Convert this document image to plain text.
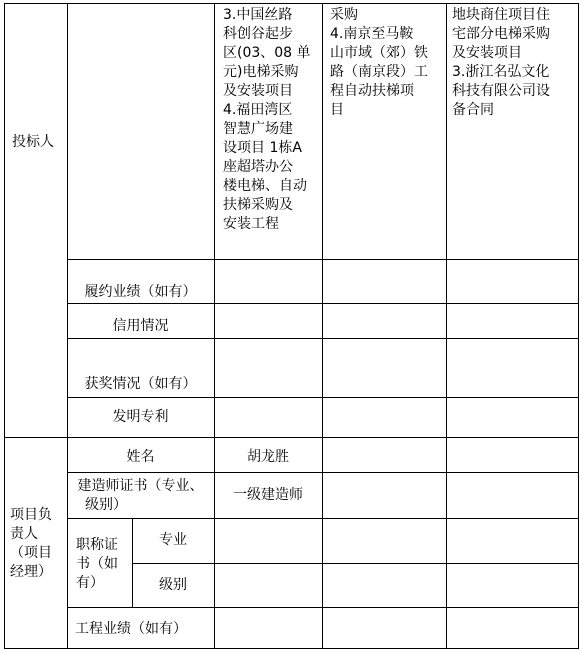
投标人
3.中国丝路
科创谷起步
区(03、08 单
元)电梯采购
及安装项目
4.福田湾区
智慧广场建
设项目 1栋A
座超塔办公
楼电梯、自动
扶梯采购及
安装工程
采购
4.南京至马鞍
山市域（郊）铁
路（南京段）工
程自动扶梯项
目
地块商住项目住
宅部分电梯采购
及安装项目
3.浙江名弘文化
科技有限公司设
备合同
履约业绩（如有）
信用情况
获奖情况（如有）
发明专利
项目负
责人
（项目
经理）
姓名	胡龙胜
建造师证书（专业、
级别）
一级建造师
职称证
书（如
有）
专业
级别
工程业绩（如有）
